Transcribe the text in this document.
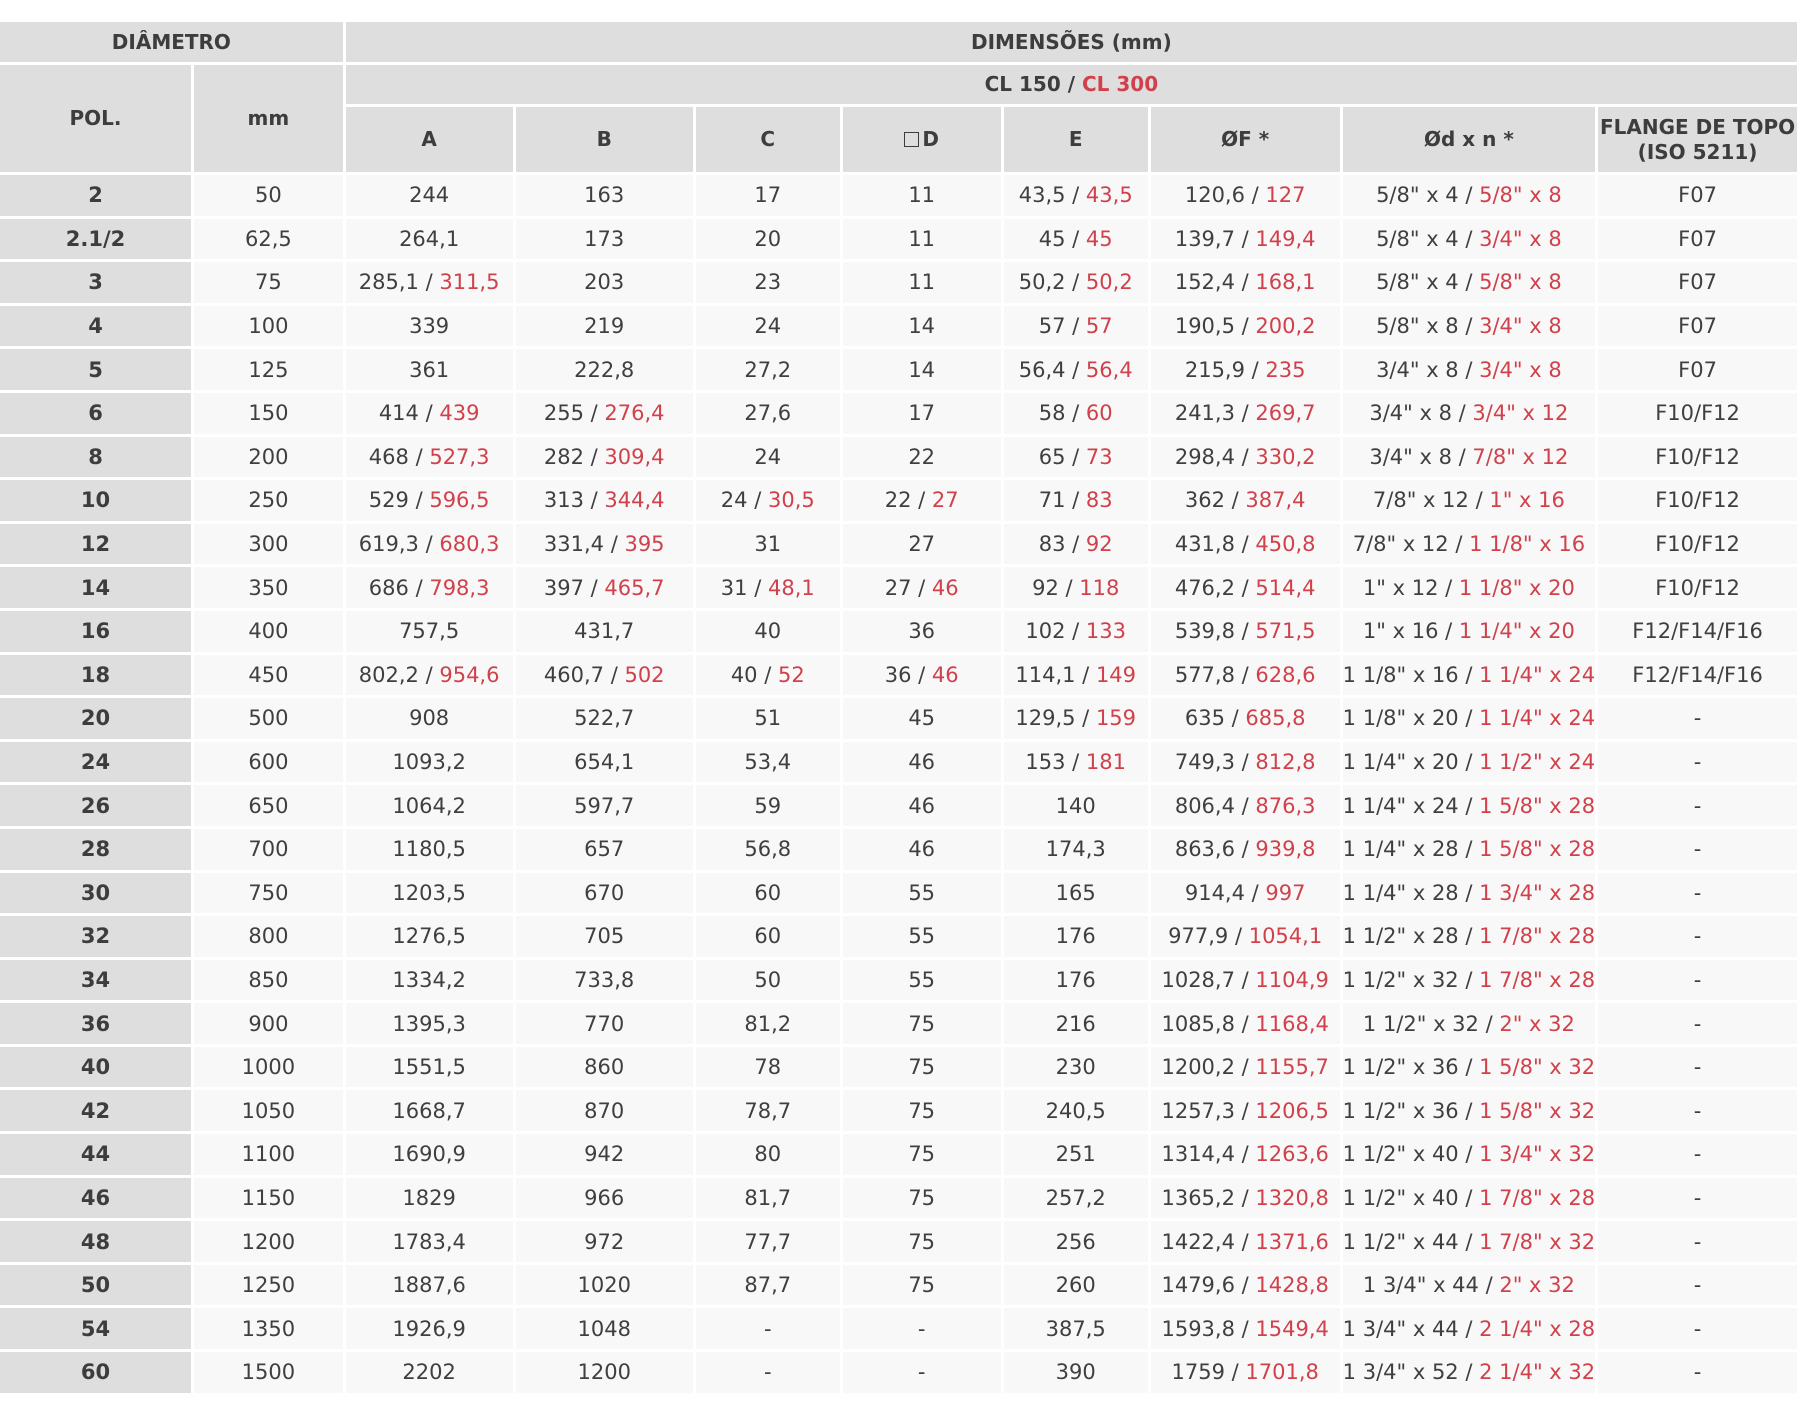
DIÂMETRO		DIMENSÕES (mm)							
POL.	mm	CL 150 / CL 300							
		A	B	C	D	E	ØF *	Ød x n *	FLANGE DE TOPO
(ISO 5211)
2	50	244	163	17	11	43,5 / 43,5	120,6 / 127	5/8" x 4 / 5/8" x 8	F07
2.1/2	62,5	264,1	173	20	11	45 / 45	139,7 / 149,4	5/8" x 4 / 3/4" x 8	F07
3	75	285,1 / 311,5	203	23	11	50,2 / 50,2	152,4 / 168,1	5/8" x 4 / 5/8" x 8	F07
4	100	339	219	24	14	57 / 57	190,5 / 200,2	5/8" x 8 / 3/4" x 8	F07
5	125	361	222,8	27,2	14	56,4 / 56,4	215,9 / 235	3/4" x 8 / 3/4" x 8	F07
6	150	414 / 439	255 / 276,4	27,6	17	58 / 60	241,3 / 269,7	3/4" x 8 / 3/4" x 12	F10/F12
8	200	468 / 527,3	282 / 309,4	24	22	65 / 73	298,4 / 330,2	3/4" x 8 / 7/8" x 12	F10/F12
10	250	529 / 596,5	313 / 344,4	24 / 30,5	22 / 27	71 / 83	362 / 387,4	7/8" x 12 / 1" x 16	F10/F12
12	300	619,3 / 680,3	331,4 / 395	31	27	83 / 92	431,8 / 450,8	7/8" x 12 / 1 1/8" x 16	F10/F12
14	350	686 / 798,3	397 / 465,7	31 / 48,1	27 / 46	92 / 118	476,2 / 514,4	1" x 12 / 1 1/8" x 20	F10/F12
16	400	757,5	431,7	40	36	102 / 133	539,8 / 571,5	1" x 16 / 1 1/4" x 20	F12/F14/F16
18	450	802,2 / 954,6	460,7 / 502	40 / 52	36 / 46	114,1 / 149	577,8 / 628,6	1 1/8" x 16 / 1 1/4" x 24	F12/F14/F16
20	500	908	522,7	51	45	129,5 / 159	635 / 685,8	1 1/8" x 20 / 1 1/4" x 24	-
24	600	1093,2	654,1	53,4	46	153 / 181	749,3 / 812,8	1 1/4" x 20 / 1 1/2" x 24	-
26	650	1064,2	597,7	59	46	140	806,4 / 876,3	1 1/4" x 24 / 1 5/8" x 28	-
28	700	1180,5	657	56,8	46	174,3	863,6 / 939,8	1 1/4" x 28 / 1 5/8" x 28	-
30	750	1203,5	670	60	55	165	914,4 / 997	1 1/4" x 28 / 1 3/4" x 28	-
32	800	1276,5	705	60	55	176	977,9 / 1054,1	1 1/2" x 28 / 1 7/8" x 28	-
34	850	1334,2	733,8	50	55	176	1028,7 / 1104,9	1 1/2" x 32 / 1 7/8" x 28	-
36	900	1395,3	770	81,2	75	216	1085,8 / 1168,4	1 1/2" x 32 / 2" x 32	-
40	1000	1551,5	860	78	75	230	1200,2 / 1155,7	1 1/2" x 36 / 1 5/8" x 32	-
42	1050	1668,7	870	78,7	75	240,5	1257,3 / 1206,5	1 1/2" x 36 / 1 5/8" x 32	-
44	1100	1690,9	942	80	75	251	1314,4 / 1263,6	1 1/2" x 40 / 1 3/4" x 32	-
46	1150	1829	966	81,7	75	257,2	1365,2 / 1320,8	1 1/2" x 40 / 1 7/8" x 28	-
48	1200	1783,4	972	77,7	75	256	1422,4 / 1371,6	1 1/2" x 44 / 1 7/8" x 32	-
50	1250	1887,6	1020	87,7	75	260	1479,6 / 1428,8	1 3/4" x 44 / 2" x 32	-
54	1350	1926,9	1048	-	-	387,5	1593,8 / 1549,4	1 3/4" x 44 / 2 1/4" x 28	-
60	1500	2202	1200	-	-	390	1759 / 1701,8	1 3/4" x 52 / 2 1/4" x 32	-
